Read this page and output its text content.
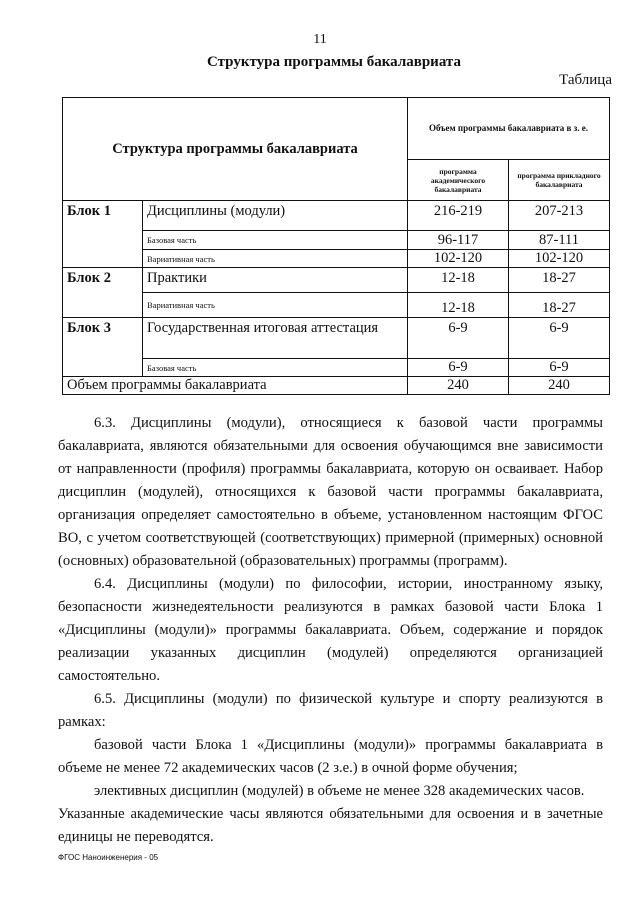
11
Структура программы бакалавриата
Таблица
Структура программы бакалавриата		Объем программы бакалавриата в з. е.	
		программа академического бакалавриата	программа прикладного бакалавриата
Блок 1	Дисциплины (модули)	216-219	207-213
	Базовая часть	96-117	87-111
	Вариативная часть	102-120	102-120
Блок 2	Практики	12-18	18-27
	Вариативная часть	12-18	18-27
Блок 3	Государственная итоговая аттестация	6-9	6-9
	Базовая часть	6-9	6-9
Объем программы бакалавриата		240	240

6.3. Дисциплины (модули), относящиеся к базовой части программы бакалавриата, являются обязательными для освоения обучающимся вне зависимости от направленности (профиля) программы бакалавриата, которую он осваивает. Набор дисциплин (модулей), относящихся к базовой части программы бакалавриата, организация определяет самостоятельно в объеме, установленном настоящим ФГОС ВО, с учетом соответствующей (соответствующих) примерной (примерных) основной (основных) образовательной (образовательных) программы (программ).

6.4. Дисциплины (модули) по философии, истории, иностранному языку, безопасности жизнедеятельности реализуются в рамках базовой части Блока 1 «Дисциплины (модули)» программы бакалавриата. Объем, содержание и порядок реализации указанных дисциплин (модулей) определяются организацией самостоятельно.

6.5. Дисциплины (модули) по физической культуре и спорту реализуются в рамках:

базовой части Блока 1 «Дисциплины (модули)» программы бакалавриата в объеме не менее 72 академических часов (2 з.е.) в очной форме обучения;

элективных дисциплин (модулей) в объеме не менее 328 академических часов.

Указанные академические часы являются обязательными для освоения и в зачетные единицы не переводятся.

ФГОС Наноинженерия - 05
